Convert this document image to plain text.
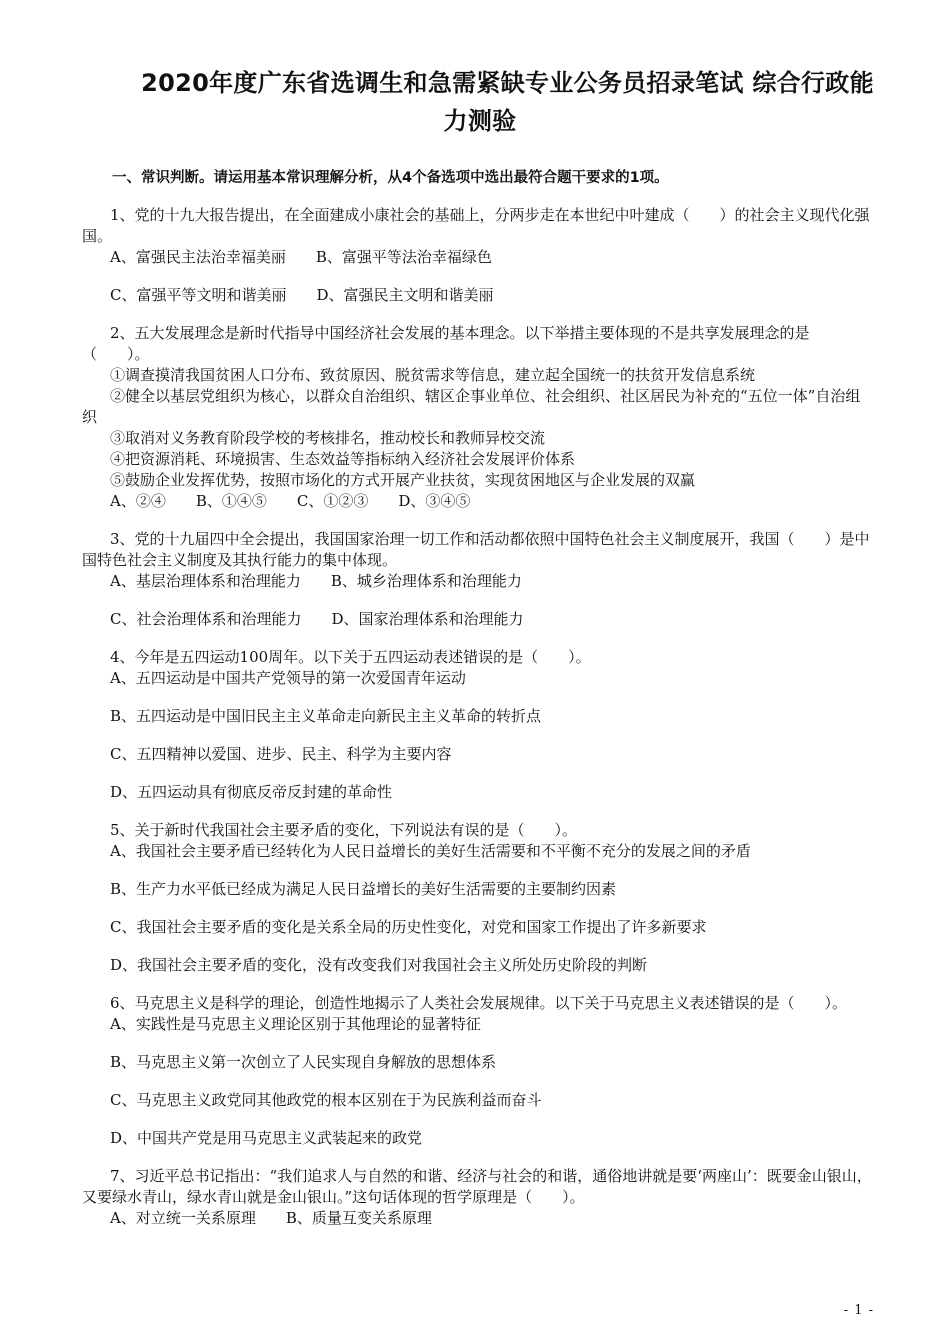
2020年度广东省选调生和急需紧缺专业公务员招录笔试 综合行政能力测验
一、常识判断。请运用基本常识理解分析，从4个备选项中选出最符合题干要求的1项。
1、党的十九大报告提出，在全面建成小康社会的基础上，分两步走在本世纪中叶建成（　　）的社会主义现代化强国。
A、富强民主法治幸福美丽　　B、富强平等法治幸福绿色
C、富强平等文明和谐美丽　　D、富强民主文明和谐美丽
2、五大发展理念是新时代指导中国经济社会发展的基本理念。以下举措主要体现的不是共享发展理念的是（　　）。
①调查摸清我国贫困人口分布、致贫原因、脱贫需求等信息，建立起全国统一的扶贫开发信息系统
②健全以基层党组织为核心，以群众自治组织、辖区企事业单位、社会组织、社区居民为补充的“五位一体”自治组织
③取消对义务教育阶段学校的考核排名，推动校长和教师异校交流
④把资源消耗、环境损害、生态效益等指标纳入经济社会发展评价体系
⑤鼓励企业发挥优势，按照市场化的方式开展产业扶贫，实现贫困地区与企业发展的双赢
A、②④　　B、①④⑤　　C、①②③　　D、③④⑤
3、党的十九届四中全会提出，我国国家治理一切工作和活动都依照中国特色社会主义制度展开，我国（　　）是中国特色社会主义制度及其执行能力的集中体现。
A、基层治理体系和治理能力　　B、城乡治理体系和治理能力
C、社会治理体系和治理能力　　D、国家治理体系和治理能力
4、今年是五四运动100周年。以下关于五四运动表述错误的是（　　）。
A、五四运动是中国共产党领导的第一次爱国青年运动
B、五四运动是中国旧民主主义革命走向新民主主义革命的转折点
C、五四精神以爱国、进步、民主、科学为主要内容
D、五四运动具有彻底反帝反封建的革命性
5、关于新时代我国社会主要矛盾的变化，下列说法有误的是（　　）。
A、我国社会主要矛盾已经转化为人民日益增长的美好生活需要和不平衡不充分的发展之间的矛盾
B、生产力水平低已经成为满足人民日益增长的美好生活需要的主要制约因素
C、我国社会主要矛盾的变化是关系全局的历史性变化，对党和国家工作提出了许多新要求
D、我国社会主要矛盾的变化，没有改变我们对我国社会主义所处历史阶段的判断
6、马克思主义是科学的理论，创造性地揭示了人类社会发展规律。以下关于马克思主义表述错误的是（　　）。
A、实践性是马克思主义理论区别于其他理论的显著特征
B、马克思主义第一次创立了人民实现自身解放的思想体系
C、马克思主义政党同其他政党的根本区别在于为民族利益而奋斗
D、中国共产党是用马克思主义武装起来的政党
7、习近平总书记指出：“我们追求人与自然的和谐、经济与社会的和谐，通俗地讲就是要‘两座山’：既要金山银山，又要绿水青山，绿水青山就是金山银山。”这句话体现的哲学原理是（　　）。
A、对立统一关系原理　　B、质量互变关系原理
- 1 -
